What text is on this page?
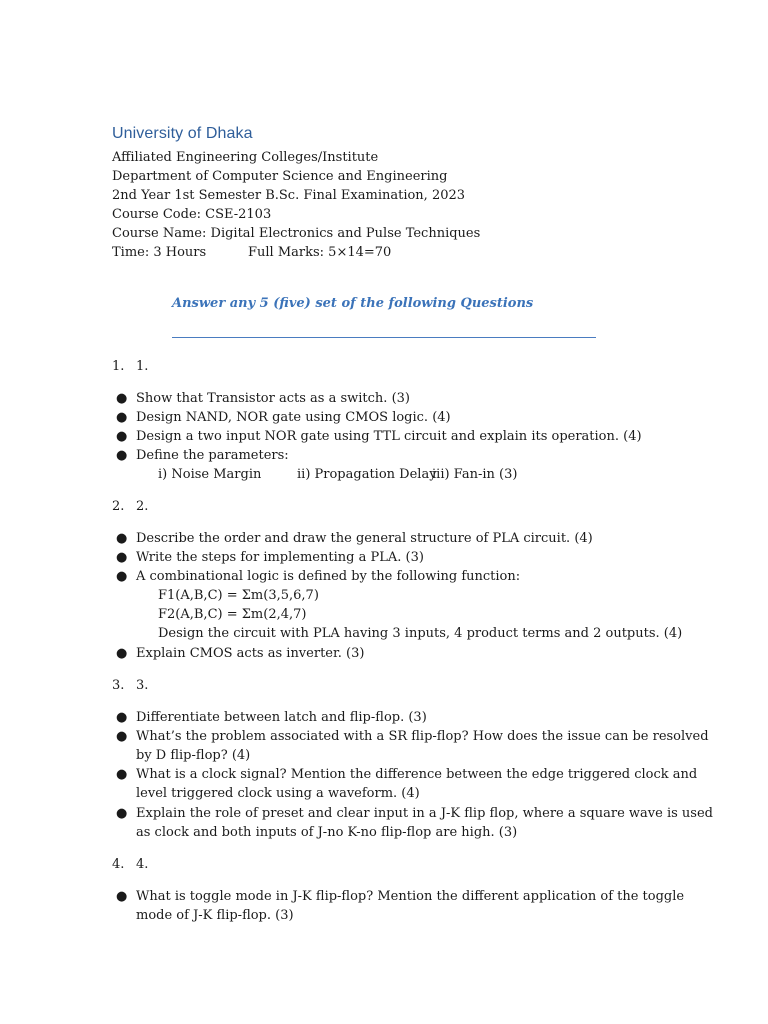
University of Dhaka
Affiliated Engineering Colleges/Institute
Department of Computer Science and Engineering
2nd Year 1st Semester B.Sc. Final Examination, 2023
Course Code: CSE-2103
Course Name: Digital Electronics and Pulse Techniques
Time: 3 Hours	Full Marks: 5×14=70
Answer any 5 (five) set of the following Questions
1. 1.
● Show that Transistor acts as a switch. (3)
● Design NAND, NOR gate using CMOS logic. (4)
● Design a two input NOR gate using TTL circuit and explain its operation. (4)
● Define the parameters:
i) Noise Margin	ii) Propagation Delay
iii) Fan-in (3)
2. 2.
● Describe the order and draw the general structure of PLA circuit. (4)
● Write the steps for implementing a PLA. (3)
● A combinational logic is defined by the following function:
F1(A,B,C) = Σm(3,5,6,7)
F2(A,B,C) = Σm(2,4,7)
Design the circuit with PLA having 3 inputs, 4 product terms and 2 outputs. (4)
● Explain CMOS acts as inverter. (3)
3. 3.
● Differentiate between latch and flip-flop. (3)
● What’s the problem associated with a SR flip-flop? How does the issue can be resolved
by D flip-flop? (4)
● What is a clock signal? Mention the difference between the edge triggered clock and
level triggered clock using a waveform. (4)
● Explain the role of preset and clear input in a J-K flip flop, where a square wave is used
as clock and both inputs of J-no K-no flip-flop are high. (3)
4. 4.
● What is toggle mode in J-K flip-flop? Mention the different application of the toggle
mode of J-K flip-flop. (3)
